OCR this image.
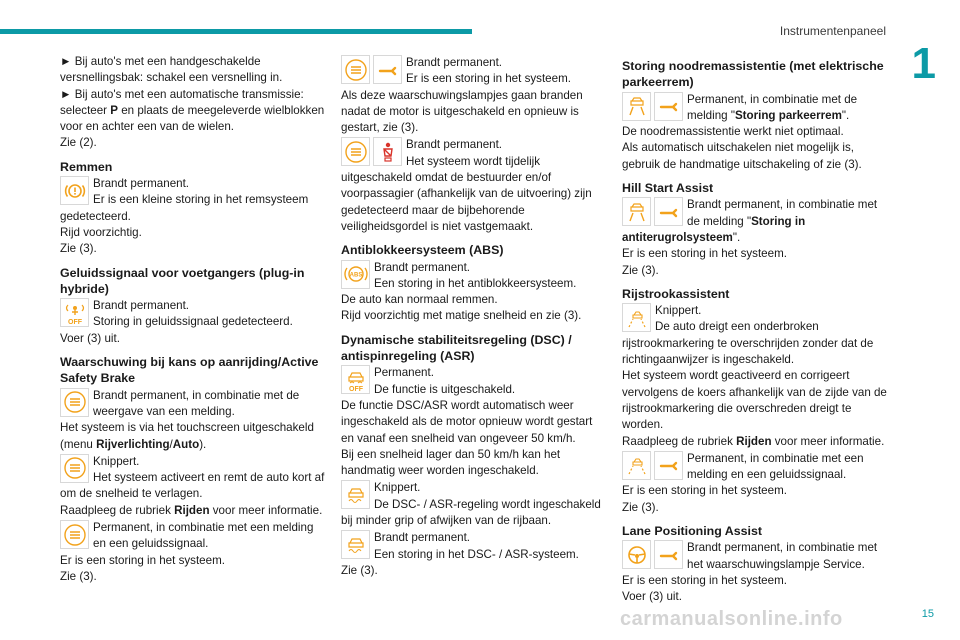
Instrumentenpaneel
1

► Bij auto's met een handgeschakelde versnellingsbak: schakel een versnelling in.

► Bij auto's met een automatische transmissie: selecteer P en plaats de meegeleverde wielblokken voor en achter een van de wielen.

Zie (2).

Remmen
Brandt permanent.
Er is een kleine storing in het remsysteem gedetecteerd.

Rijd voorzichtig.

Zie (3).

Geluidssignaal voor voetgangers (plug-in hybride)
OFF
Brandt permanent.
Storing in geluidssignaal gedetecteerd.

Voer (3) uit.

Waarschuwing bij kans op aanrijding/Active Safety Brake
Brandt permanent, in combinatie met de weergave van een melding.

Het systeem is via het touchscreen uitgeschakeld (menu Rijverlichting/Auto).

Knippert.
Het systeem activeert en remt de auto kort af om de snelheid te verlagen.

Raadpleeg de rubriek Rijden voor meer informatie.

Permanent, in combinatie met een melding en een geluidssignaal.

Er is een storing in het systeem.

Zie (3).

Brandt permanent.
Er is een storing in het systeem.

Als deze waarschuwingslampjes gaan branden nadat de motor is uitgeschakeld en opnieuw is gestart, zie (3).

Brandt permanent.
Het systeem wordt tijdelijk uitgeschakeld omdat de bestuurder en/of voorpassagier (afhankelijk van de uitvoering) zijn gedetecteerd maar de bijbehorende veiligheidsgordel is niet vastgemaakt.
Antiblokkeersysteem (ABS)
ABS
Brandt permanent.
Een storing in het antiblokkeersysteem.

De auto kan normaal remmen.

Rijd voorzichtig met matige snelheid en zie (3).

Dynamische stabiliteitsregeling (DSC) / antispinregeling (ASR)
OFF
Permanent.
De functie is uitgeschakeld.

De functie DSC/ASR wordt automatisch weer ingeschakeld als de motor opnieuw wordt gestart en vanaf een snelheid van ongeveer 50 km/h.

Bij een snelheid lager dan 50 km/h kan het handmatig weer worden ingeschakeld.

Knippert.
De DSC- / ASR-regeling wordt ingeschakeld bij minder grip of afwijken van de rijbaan.
Brandt permanent.
Een storing in het DSC- / ASR-systeem.

Zie (3).

Storing noodremassistentie (met elektrische parkeerrem)
Permanent, in combinatie met de melding "Storing parkeerrem".

De noodremassistentie werkt niet optimaal.

Als automatisch uitschakelen niet mogelijk is, gebruik de handmatige uitschakeling of zie (3).

Hill Start Assist
Brandt permanent, in combinatie met de melding "Storing in antiterugrolsysteem".

Er is een storing in het systeem.

Zie (3).

Rijstrookassistent
Knippert.
De auto dreigt een onderbroken rijstrookmarkering te overschrijden zonder dat de richtingaanwijzer is ingeschakeld.

Het systeem wordt geactiveerd en corrigeert vervolgens de koers afhankelijk van de zijde van de rijstrookmarkering die overschreden dreigt te worden.

Raadpleeg de rubriek Rijden voor meer informatie.

Permanent, in combinatie met een melding en een geluidssignaal.

Er is een storing in het systeem.

Zie (3).

Lane Positioning Assist
Brandt permanent, in combinatie met het waarschuwingslampje Service.

Er is een storing in het systeem.

Voer (3) uit.

carmanualsonline.info	15
